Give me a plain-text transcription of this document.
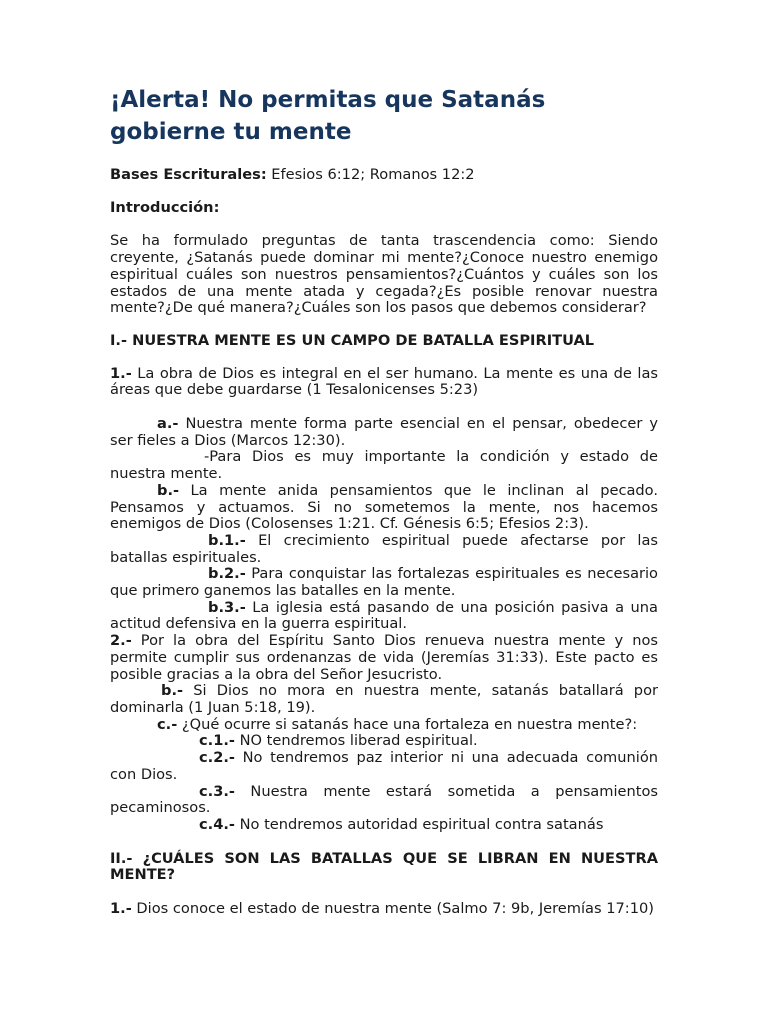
¡Alerta! No permitas que Satanás gobierne tu mente

Bases Escriturales: Efesios 6:12; Romanos 12:2

Introducción:

Se ha formulado preguntas de tanta trascendencia como: Siendo creyente, ¿Satanás puede dominar mi mente?¿Conoce nuestro enemigo espiritual cuáles son nuestros pensamientos?¿Cuántos y cuáles son los estados de una mente atada y cegada?¿Es posible renovar nuestra mente?¿De qué manera?¿Cuáles son los pasos que debemos considerar?

I.- NUESTRA MENTE ES UN CAMPO DE BATALLA ESPIRITUAL

1.- La obra de Dios es integral en el ser humano. La mente es una de las áreas que debe guardarse (1 Tesalonicenses 5:23)

a.- Nuestra mente forma parte esencial en el pensar, obedecer y ser fieles a Dios (Marcos 12:30).

-Para Dios es muy importante la condición y estado de nuestra mente.

b.- La mente anida pensamientos que le inclinan al pecado. Pensamos y actuamos. Si no sometemos la mente, nos hacemos enemigos de Dios (Colosenses 1:21. Cf. Génesis 6:5; Efesios 2:3).

b.1.- El crecimiento espiritual puede afectarse por las batallas espirituales.

b.2.- Para conquistar las fortalezas espirituales es necesario que primero ganemos las batalles en la mente.

b.3.- La iglesia está pasando de una posición pasiva a una actitud defensiva en la guerra espiritual.

2.- Por la obra del Espíritu Santo Dios renueva nuestra mente y nos permite cumplir sus ordenanzas de vida (Jeremías 31:33). Este pacto es posible gracias a la obra del Señor Jesucristo.

b.- Si Dios no mora en nuestra mente, satanás batallará por dominarla (1 Juan 5:18, 19).

c.- ¿Qué ocurre si satanás hace una fortaleza en nuestra mente?:

c.1.- NO tendremos liberad espiritual.

c.2.- No tendremos paz interior ni una adecuada comunión con Dios.

c.3.- Nuestra mente estará sometida a pensamientos pecaminosos.

c.4.- No tendremos autoridad espiritual contra satanás

II.- ¿CUÁLES SON LAS BATALLAS QUE SE LIBRAN EN NUESTRA MENTE?

1.- Dios conoce el estado de nuestra mente (Salmo 7: 9b, Jeremías 17:10)
